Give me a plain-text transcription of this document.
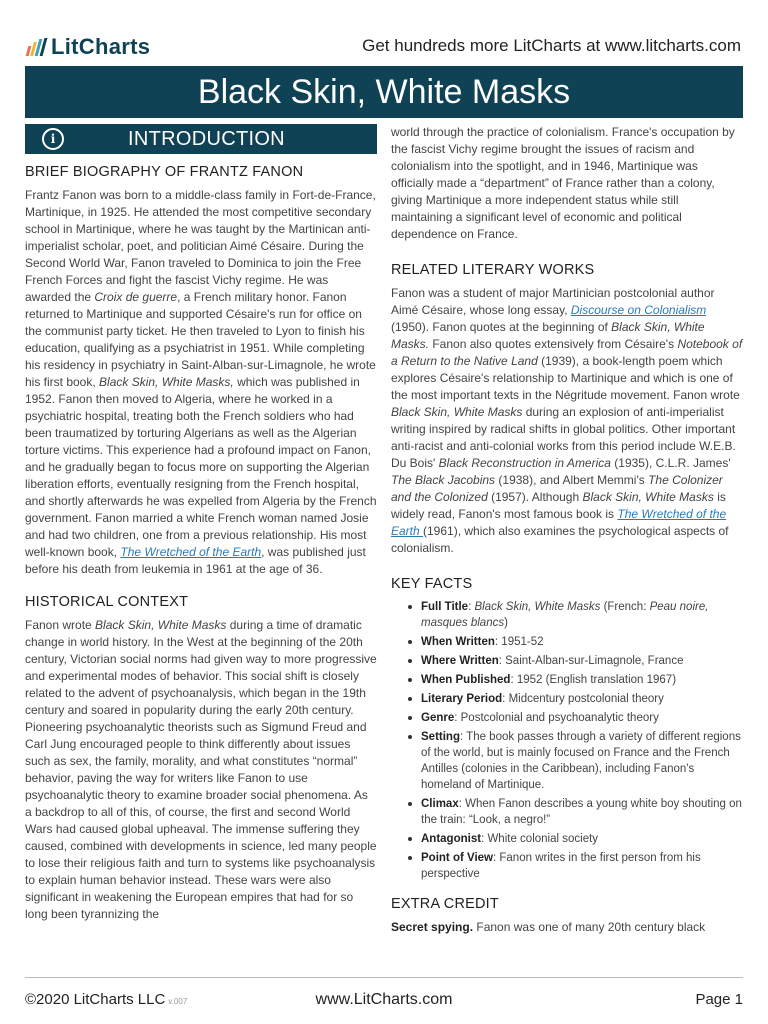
LitCharts	Get hundreds more LitCharts at www.litcharts.com
Black Skin, White Masks
i	INTRODUCTION
BRIEF BIOGRAPHY OF FRANTZ FANON

Frantz Fanon was born to a middle-class family in Fort-de-France, Martinique, in 1925. He attended the most competitive secondary school in Martinique, where he was taught by the Martinican anti-imperialist scholar, poet, and politician Aimé Césaire. During the Second World War, Fanon traveled to Dominica to join the Free French Forces and fight the fascist Vichy regime. He was awarded the Croix de guerre, a French military honor. Fanon returned to Martinique and supported Césaire's run for office on the communist party ticket. He then traveled to Lyon to finish his education, qualifying as a psychiatrist in 1951. While completing his residency in psychiatry in Saint-Alban-sur-Limagnole, he wrote his first book, Black Skin, White Masks, which was published in 1952. Fanon then moved to Algeria, where he worked in a psychiatric hospital, treating both the French soldiers who had been traumatized by torturing Algerians as well as the Algerian torture victims. This experience had a profound impact on Fanon, and he gradually began to focus more on supporting the Algerian liberation efforts, eventually resigning from the French hospital, and shortly afterwards he was expelled from Algeria by the French government. Fanon married a white French woman named Josie and had two children, one from a previous relationship. His most well-known book, The Wretched of the Earth, was published just before his death from leukemia in 1961 at the age of 36.

HISTORICAL CONTEXT

Fanon wrote Black Skin, White Masks during a time of dramatic change in world history. In the West at the beginning of the 20th century, Victorian social norms had given way to more progressive and experimental modes of behavior. This social shift is closely related to the advent of psychoanalysis, which began in the 19th century and soared in popularity during the early 20th century. Pioneering psychoanalytic theorists such as Sigmund Freud and Carl Jung encouraged people to think differently about issues such as sex, the family, morality, and what constitutes “normal” behavior, paving the way for writers like Fanon to use psychoanalytic theory to examine broader social phenomena. As a backdrop to all of this, of course, the first and second World Wars had caused global upheaval. The immense suffering they caused, combined with developments in science, led many people to lose their religious faith and turn to systems like psychoanalysis to explain human behavior instead. These wars were also significant in weakening the European empires that had for so long been tyrannizing the

world through the practice of colonialism. France's occupation by the fascist Vichy regime brought the issues of racism and colonialism into the spotlight, and in 1946, Martinique was officially made a “department” of France rather than a colony, giving Martinique a more independent status while still maintaining a significant level of economic and political dependence on France.

RELATED LITERARY WORKS

Fanon was a student of major Martinician postcolonial author Aimé Césaire, whose long essay, Discourse on Colonialism (1950). Fanon quotes at the beginning of Black Skin, White Masks. Fanon also quotes extensively from Césaire's Notebook of a Return to the Native Land (1939), a book-length poem which explores Césaire's relationship to Martinique and which is one of the most important texts in the Négritude movement. Fanon wrote Black Skin, White Masks during an explosion of anti-imperialist writing inspired by radical shifts in global politics. Other important anti-racist and anti-colonial works from this period include W.E.B. Du Bois' Black Reconstruction in America (1935), C.L.R. James' The Black Jacobins (1938), and Albert Memmi's The Colonizer and the Colonized (1957). Although Black Skin, White Masks is widely read, Fanon's most famous book is The Wretched of the Earth (1961), which also examines the psychological aspects of colonialism.

KEY FACTS
Full Title: Black Skin, White Masks (French: Peau noire, masques blancs)
When Written: 1951-52
Where Written: Saint-Alban-sur-Limagnole, France
When Published: 1952 (English translation 1967)
Literary Period: Midcentury postcolonial theory
Genre: Postcolonial and psychoanalytic theory
Setting: The book passes through a variety of different regions of the world, but is mainly focused on France and the French Antilles (colonies in the Caribbean), including Fanon's homeland of Martinique.
Climax: When Fanon describes a young white boy shouting on the train: “Look, a negro!”
Antagonist: White colonial society
Point of View: Fanon writes in the first person from his perspective
EXTRA CREDIT

Secret spying. Fanon was one of many 20th century black

©2020 LitCharts LLC v.007	www.LitCharts.com	Page 1
